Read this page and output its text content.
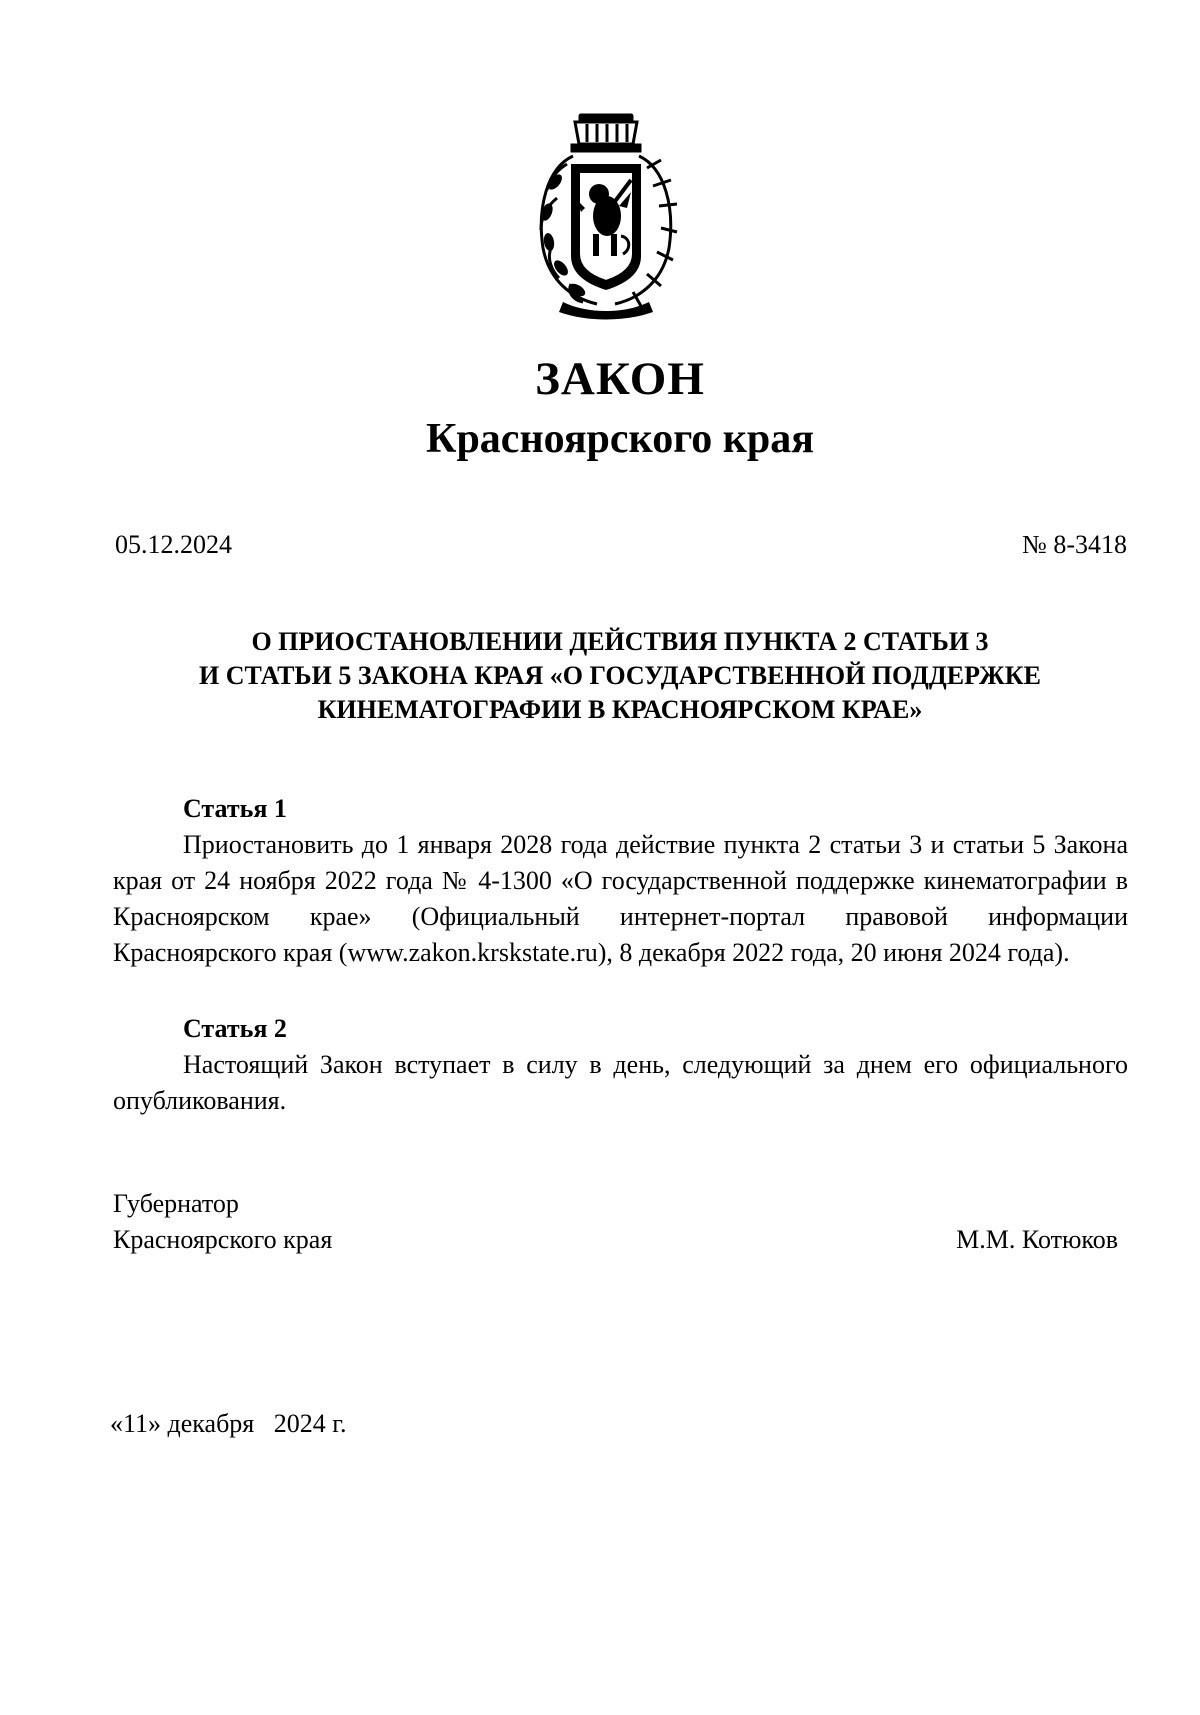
ЗАКОН
Красноярского края
05.12.2024	№ 8-3418
О ПРИОСТАНОВЛЕНИИ ДЕЙСТВИЯ ПУНКТА 2 СТАТЬИ 3
И СТАТЬИ 5 ЗАКОНА КРАЯ «О ГОСУДАРСТВЕННОЙ ПОДДЕРЖКЕ
КИНЕМАТОГРАФИИ В КРАСНОЯРСКОМ КРАЕ»
Статья 1
Приостановить до 1 января 2028 года действие пункта 2 статьи 3 и статьи 5 Закона края от 24 ноября 2022 года № 4-1300 «О государственной поддержке кинематографии в Красноярском крае» (Официальный интернет-портал правовой информации Красноярского края (www.zakon.krskstate.ru), 8 декабря 2022 года, 20 июня 2024 года).
Статья 2
Настоящий Закон вступает в силу в день, следующий за днем его официального опубликования.
Губернатор
Красноярского края	М.М. Котюков
«11» декабря   2024 г.
